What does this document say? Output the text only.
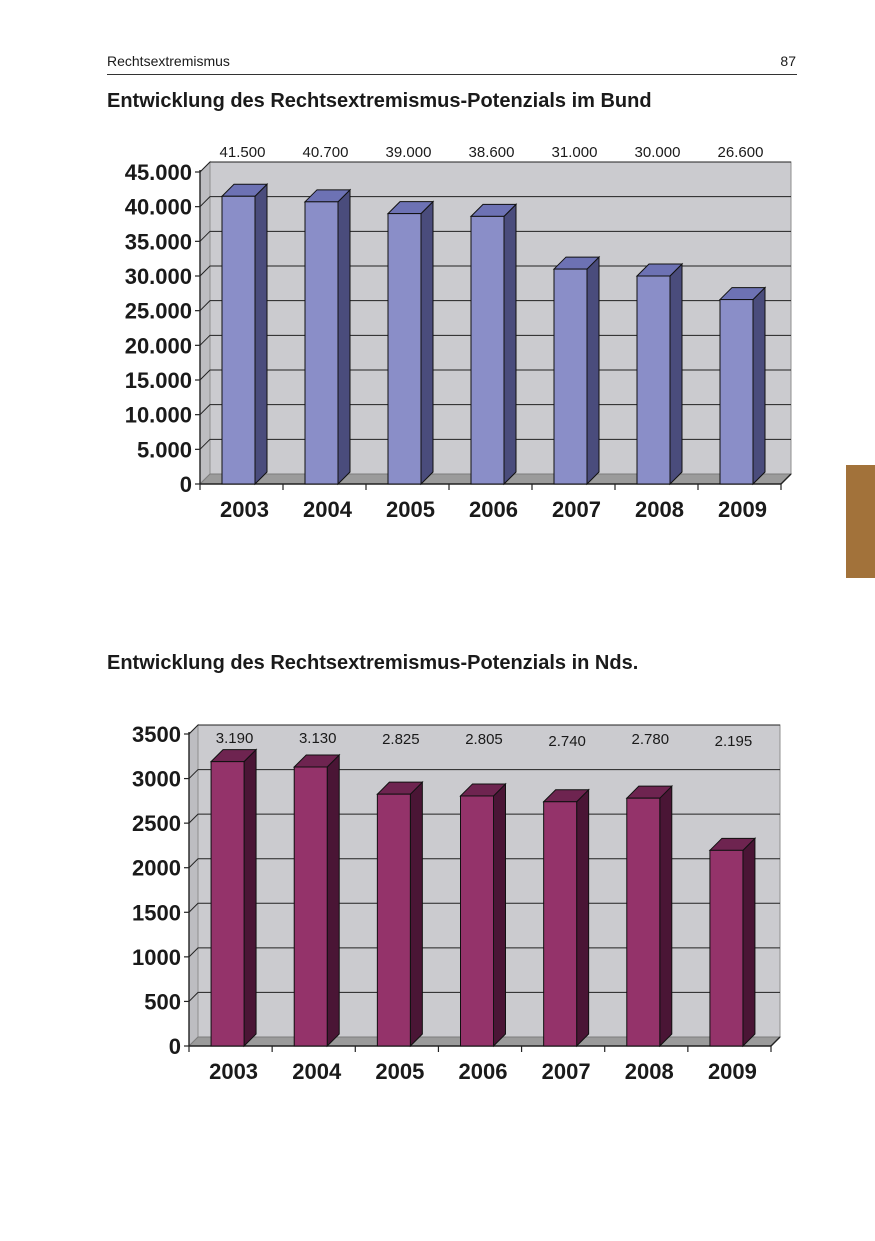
Rechtsextremismus	87
Entwicklung des Rechtsextremismus-Potenzials im Bund
Entwicklung des Rechtsextremismus-Potenzials in Nds.
0
5.000
10.000
15.000
20.000
25.000
30.000
35.000
40.000
45.000
41.500
2003
40.700
2004
39.000
2005
38.600
2006
31.000
2007
30.000
2008
26.600
2009
0
500
1000
1500
2000
2500
3000
3500 3.190
2003
3.130
2004
2.825
2005
2.805
2006
2.740
2007
2.780
2008
2.195
2009
